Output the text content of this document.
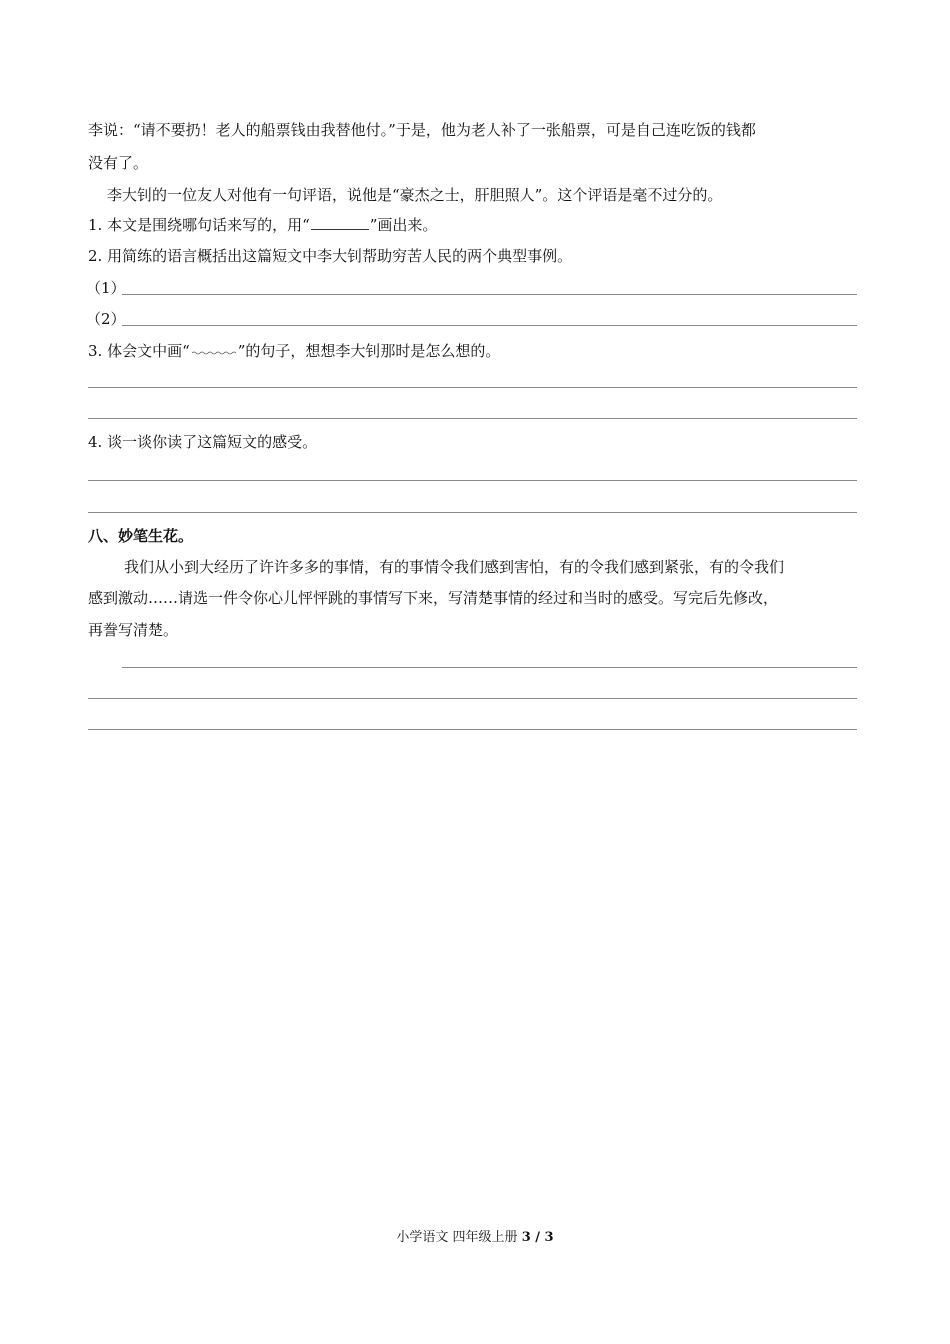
李说：“请不要扔！老人的船票钱由我替他付。”于是，他为老人补了一张船票，可是自己连吃饭的钱都
没有了。
李大钊的一位友人对他有一句评语，说他是“豪杰之士，肝胆照人”。这个评语是毫不过分的。
1. 本文是围绕哪句话来写的，用“	”画出来。
2. 用简练的语言概括出这篇短文中李大钊帮助穷苦人民的两个典型事例。
（1）
（2）
3. 体会文中画“	”的句子，想想李大钊那时是怎么想的。
4. 谈一谈你读了这篇短文的感受。
八、妙笔生花。
我们从小到大经历了许许多多的事情，有的事情令我们感到害怕，有的令我们感到紧张，有的令我们
感到激动……请选一件令你心儿怦怦跳的事情写下来，写清楚事情的经过和当时的感受。写完后先修改，
再誊写清楚。
小学语文 四年级上册 3 / 3
